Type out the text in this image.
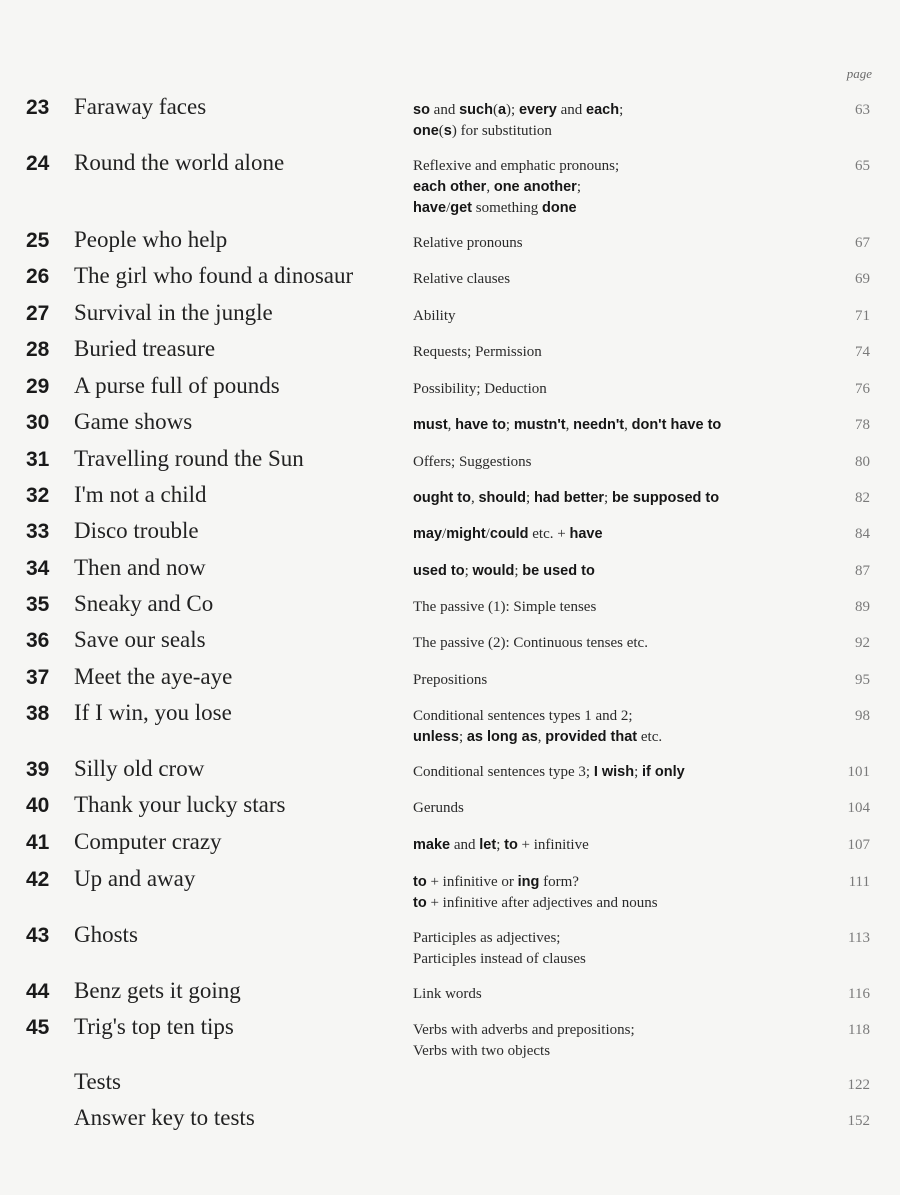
page
23 Faraway faces	so and such(a); every and each;
one(s) for substitution
63
24 Round the world alone	Reflexive and emphatic pronouns;
each other, one another;
have/get something done
65
25 People who help	Relative pronouns	67
26 The girl who found a dinosaur	Relative clauses	69
27 Survival in the jungle	Ability	71
28 Buried treasure	Requests; Permission	74
29 A purse full of pounds	Possibility; Deduction	76
30 Game shows	must, have to; mustn't, needn't, don't have to	78
31 Travelling round the Sun	Offers; Suggestions	80
32 I'm not a child	ought to, should; had better; be supposed to	82
33 Disco trouble	may/might/could etc. + have	84
34 Then and now	used to; would; be used to	87
35 Sneaky and Co	The passive (1): Simple tenses	89
36 Save our seals	The passive (2): Continuous tenses etc.	92
37 Meet the aye-aye	Prepositions	95
38 If I win, you lose	Conditional sentences types 1 and 2;
unless; as long as, provided that etc.
98
39 Silly old crow	Conditional sentences type 3; I wish; if only	101
40 Thank your lucky stars	Gerunds	104
41 Computer crazy	make and let; to + infinitive	107
42 Up and away	to + infinitive or ing form?
to + infinitive after adjectives and nouns
111
43 Ghosts	Participles as adjectives;
Participles instead of clauses
113
44 Benz gets it going	Link words	116
45 Trig's top ten tips	Verbs with adverbs and prepositions;
Verbs with two objects
118
Tests	122
Answer key to tests	152
